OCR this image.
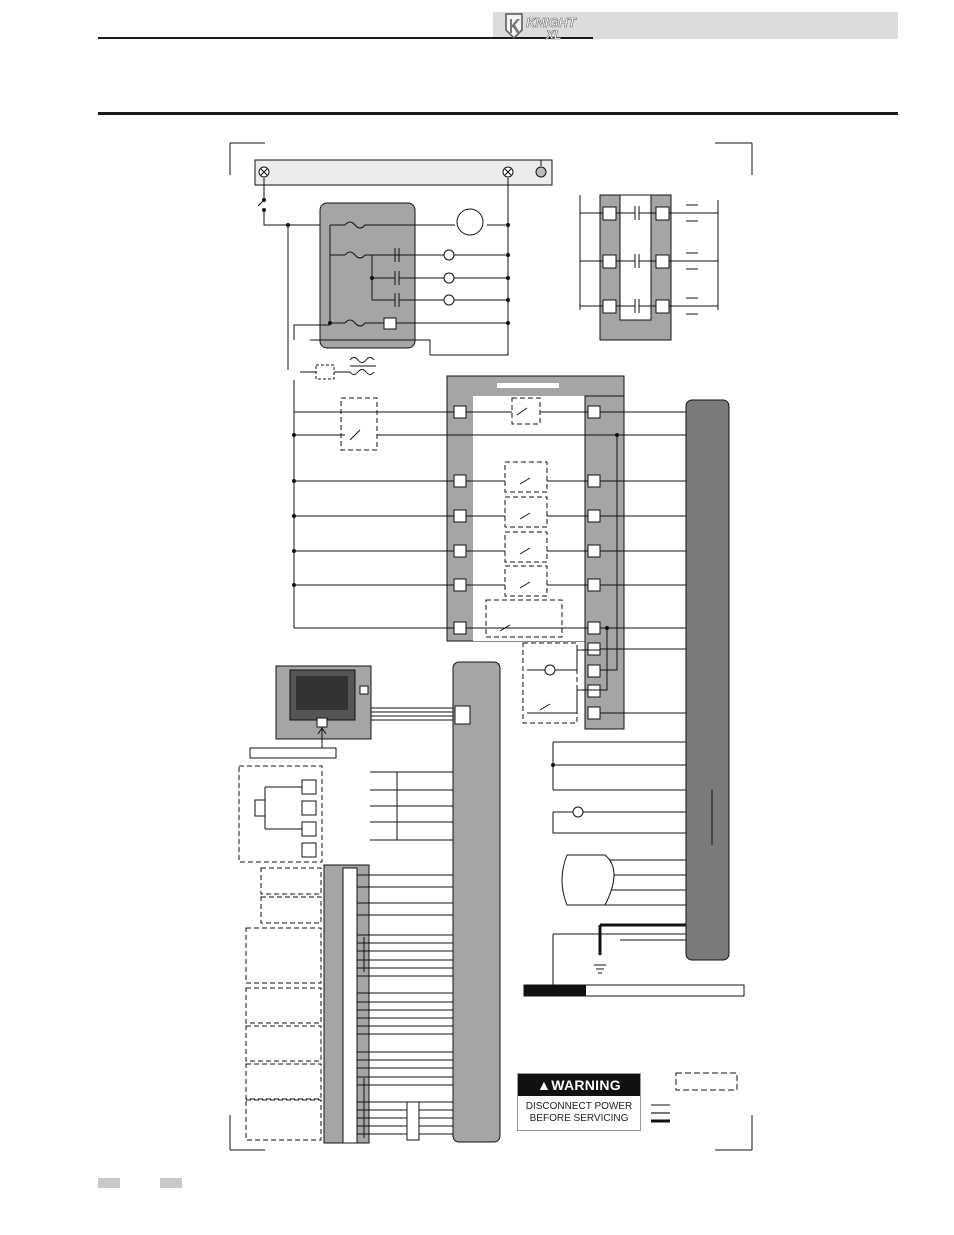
KNIGHT
XL
▲WARNING
DISCONNECT POWER
BEFORE SERVICING
